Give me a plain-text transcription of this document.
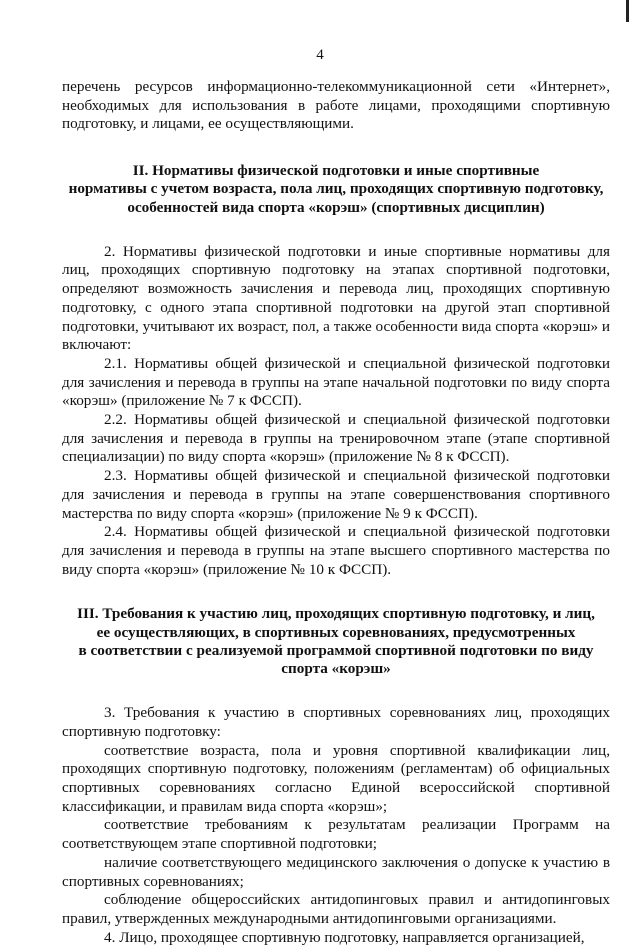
4

перечень ресурсов информационно-телекоммуникационной сети «Интернет», необходимых для использования в работе лицами, проходящими спортивную подготовку, и лицами, ее осуществляющими.

II. Нормативы физической подготовки и иные спортивные
нормативы с учетом возраста, пола лиц, проходящих спортивную подготовку,
особенностей вида спорта «корэш» (спортивных дисциплин)

2. Нормативы физической подготовки и иные спортивные нормативы для лиц, проходящих спортивную подготовку на этапах спортивной подготовки, определяют возможность зачисления и перевода лиц, проходящих спортивную подготовку, с одного этапа спортивной подготовки на другой этап спортивной подготовки, учитывают их возраст, пол, а также особенности вида спорта «корэш» и включают:

2.1. Нормативы общей физической и специальной физической подготовки для зачисления и перевода в группы на этапе начальной подготовки по виду спорта «корэш» (приложение № 7 к ФССП).

2.2. Нормативы общей физической и специальной физической подготовки для зачисления и перевода в группы на тренировочном этапе (этапе спортивной специализации) по виду спорта «корэш» (приложение № 8 к ФССП).

2.3. Нормативы общей физической и специальной физической подготовки для зачисления и перевода в группы на этапе совершенствования спортивного мастерства по виду спорта «корэш» (приложение № 9 к ФССП).

2.4. Нормативы общей физической и специальной физической подготовки для зачисления и перевода в группы на этапе высшего спортивного мастерства по виду спорта «корэш» (приложение № 10 к ФССП).

III. Требования к участию лиц, проходящих спортивную подготовку, и лиц,
ее осуществляющих, в спортивных соревнованиях, предусмотренных
в соответствии с реализуемой программой спортивной подготовки по виду
спорта «корэш»

3. Требования к участию в спортивных соревнованиях лиц, проходящих спортивную подготовку:

соответствие возраста, пола и уровня спортивной квалификации лиц, проходящих спортивную подготовку, положениям (регламентам) об официальных спортивных соревнованиях согласно Единой всероссийской спортивной классификации, и правилам вида спорта «корэш»;

соответствие требованиям к результатам реализации Программ на соответствующем этапе спортивной подготовки;

наличие соответствующего медицинского заключения о допуске к участию в спортивных соревнованиях;

соблюдение общероссийских антидопинговых правил и антидопинговых правил, утвержденных международными антидопинговыми организациями.

4. Лицо, проходящее спортивную подготовку, направляется организацией,
